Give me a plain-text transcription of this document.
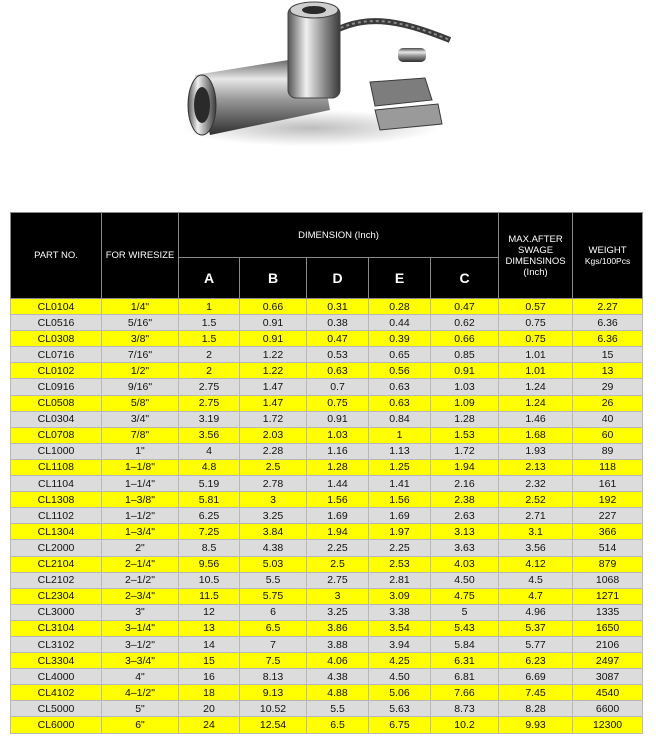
PART NO.	FOR WIRESIZE	DIMENSION (Inch)					MAX.AFTER
SWAGE
DIMENSINOS
(Inch)	WEIGHT
Kgs/100Pcs
		A	B	D	E	C		
CL0104	1/4"	1	0.66	0.31	0.28	0.47	0.57	2.27
CL0516	5/16"	1.5	0.91	0.38	0.44	0.62	0.75	6.36
CL0308	3/8"	1.5	0.91	0.47	0.39	0.66	0.75	6.36
CL0716	7/16"	2	1.22	0.53	0.65	0.85	1.01	15
CL0102	1/2"	2	1.22	0.63	0.56	0.91	1.01	13
CL0916	9/16"	2.75	1.47	0.7	0.63	1.03	1.24	29
CL0508	5/8"	2.75	1.47	0.75	0.63	1.09	1.24	26
CL0304	3/4"	3.19	1.72	0.91	0.84	1.28	1.46	40
CL0708	7/8"	3.56	2.03	1.03	1	1.53	1.68	60
CL1000	1"	4	2.28	1.16	1.13	1.72	1.93	89
CL1108	1–1/8"	4.8	2.5	1.28	1.25	1.94	2.13	118
CL1104	1–1/4"	5.19	2.78	1.44	1.41	2.16	2.32	161
CL1308	1–3/8"	5.81	3	1.56	1.56	2.38	2.52	192
CL1102	1–1/2"	6.25	3.25	1.69	1.69	2.63	2.71	227
CL1304	1–3/4"	7.25	3.84	1.94	1.97	3.13	3.1	366
CL2000	2"	8.5	4.38	2.25	2.25	3.63	3.56	514
CL2104	2–1/4"	9.56	5.03	2.5	2.53	4.03	4.12	879
CL2102	2–1/2"	10.5	5.5	2.75	2.81	4.50	4.5	1068
CL2304	2–3/4"	11.5	5.75	3	3.09	4.75	4.7	1271
CL3000	3"	12	6	3.25	3.38	5	4.96	1335
CL3104	3–1/4"	13	6.5	3.86	3.54	5.43	5.37	1650
CL3102	3–1/2"	14	7	3.88	3.94	5.84	5.77	2106
CL3304	3–3/4"	15	7.5	4.06	4.25	6.31	6.23	2497
CL4000	4"	16	8.13	4.38	4.50	6.81	6.69	3087
CL4102	4–1/2"	18	9.13	4.88	5.06	7.66	7.45	4540
CL5000	5"	20	10.52	5.5	5.63	8.73	8.28	6600
CL6000	6"	24	12.54	6.5	6.75	10.2	9.93	12300
